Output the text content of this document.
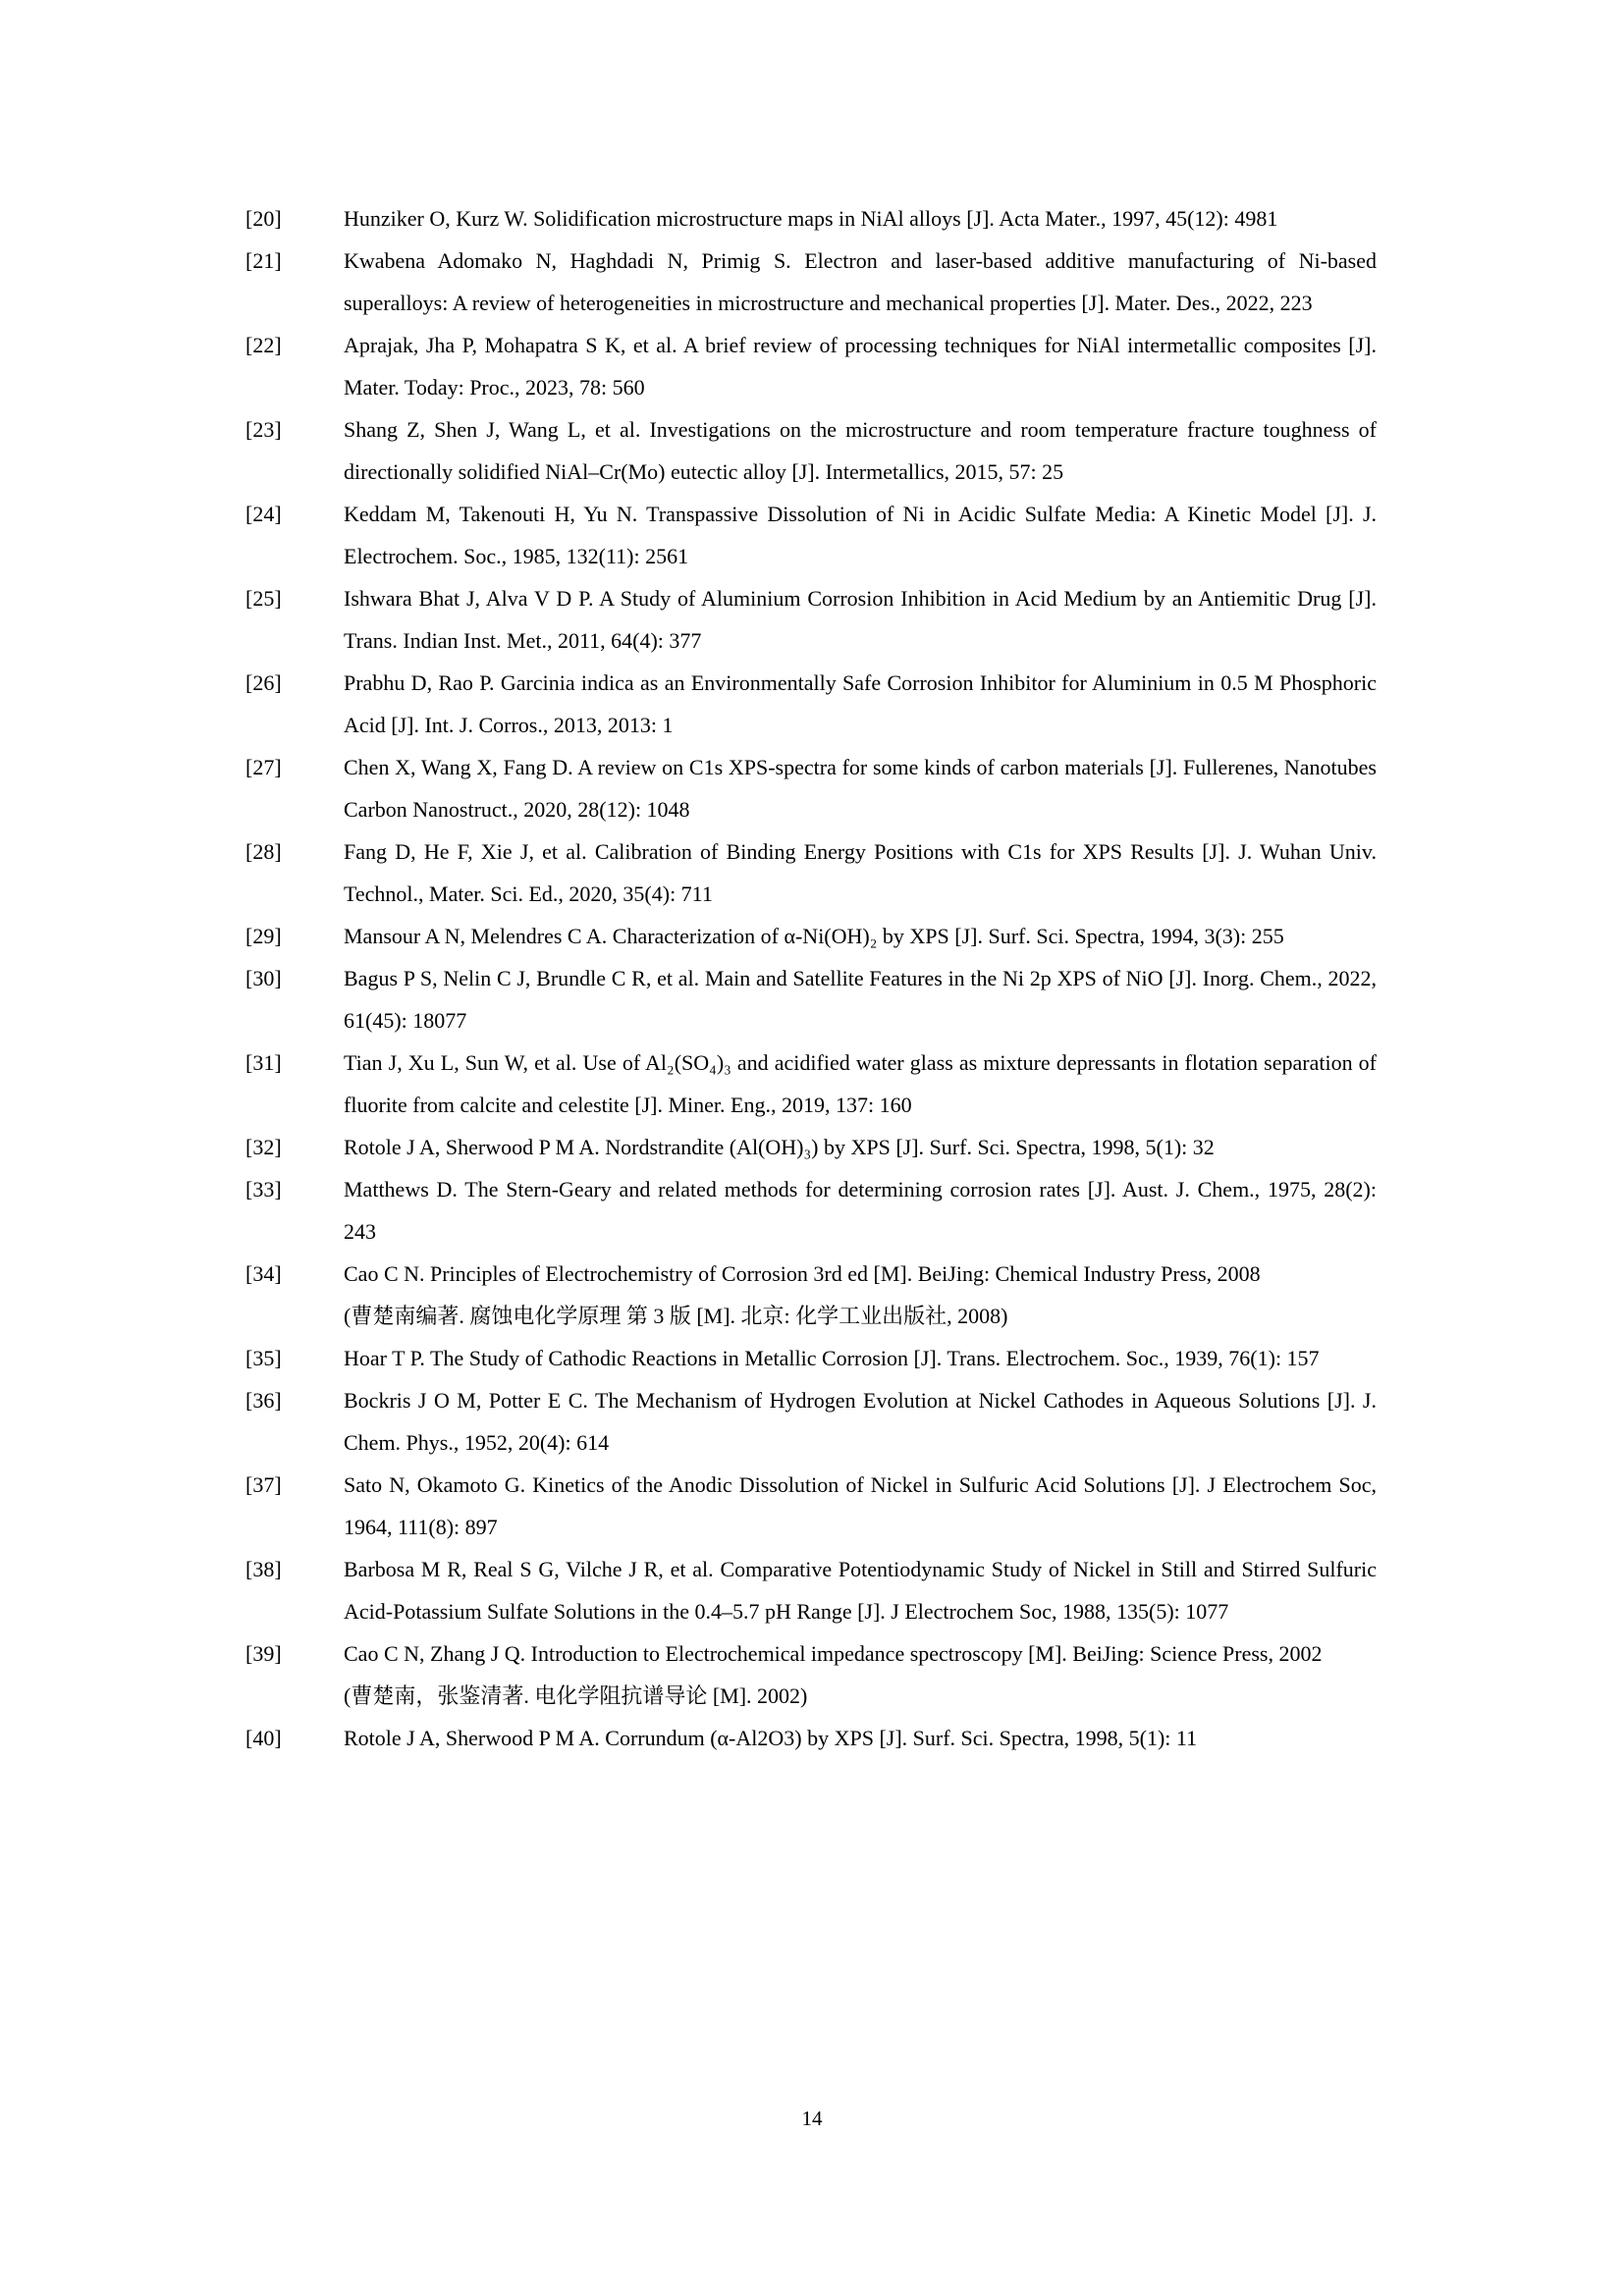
[20]	Hunziker O, Kurz W. Solidification microstructure maps in NiAl alloys [J]. Acta Mater., 1997, 45(12): 4981
[21]	Kwabena Adomako N, Haghdadi N, Primig S. Electron and laser-based additive manufacturing of Ni-based superalloys: A review of heterogeneities in microstructure and mechanical properties [J]. Mater. Des., 2022, 223
[22]	Aprajak, Jha P, Mohapatra S K, et al. A brief review of processing techniques for NiAl intermetallic composites [J]. Mater. Today: Proc., 2023, 78: 560
[23]	Shang Z, Shen J, Wang L, et al. Investigations on the microstructure and room temperature fracture toughness of directionally solidified NiAl–Cr(Mo) eutectic alloy [J]. Intermetallics, 2015, 57: 25
[24]	Keddam M, Takenouti H, Yu N. Transpassive Dissolution of Ni in Acidic Sulfate Media: A Kinetic Model [J]. J. Electrochem. Soc., 1985, 132(11): 2561
[25]	Ishwara Bhat J, Alva V D P. A Study of Aluminium Corrosion Inhibition in Acid Medium by an Antiemitic Drug [J]. Trans. Indian Inst. Met., 2011, 64(4): 377
[26]	Prabhu D, Rao P. Garcinia indica as an Environmentally Safe Corrosion Inhibitor for Aluminium in 0.5 M Phosphoric Acid [J]. Int. J. Corros., 2013, 2013: 1
[27]	Chen X, Wang X, Fang D. A review on C1s XPS-spectra for some kinds of carbon materials [J]. Fullerenes, Nanotubes Carbon Nanostruct., 2020, 28(12): 1048
[28]	Fang D, He F, Xie J, et al. Calibration of Binding Energy Positions with C1s for XPS Results [J]. J. Wuhan Univ. Technol., Mater. Sci. Ed., 2020, 35(4): 711
[29]	Mansour A N, Melendres C A. Characterization of α-Ni(OH)₂ by XPS [J]. Surf. Sci. Spectra, 1994, 3(3): 255
[30]	Bagus P S, Nelin C J, Brundle C R, et al. Main and Satellite Features in the Ni 2p XPS of NiO [J]. Inorg. Chem., 2022, 61(45): 18077
[31]	Tian J, Xu L, Sun W, et al. Use of Al₂(SO₄)₃ and acidified water glass as mixture depressants in flotation separation of fluorite from calcite and celestite [J]. Miner. Eng., 2019, 137: 160
[32]	Rotole J A, Sherwood P M A. Nordstrandite (Al(OH)₃) by XPS [J]. Surf. Sci. Spectra, 1998, 5(1): 32
[33]	Matthews D. The Stern-Geary and related methods for determining corrosion rates [J]. Aust. J. Chem., 1975, 28(2): 243
[34]	Cao C N. Principles of Electrochemistry of Corrosion 3rd ed [M]. BeiJing: Chemical Industry Press, 2008
(曹楚南编著. 腐蚀电化学原理 第 3 版 [M]. 北京: 化学工业出版社, 2008)
[35]	Hoar T P. The Study of Cathodic Reactions in Metallic Corrosion [J]. Trans. Electrochem. Soc., 1939, 76(1): 157
[36]	Bockris J O M, Potter E C. The Mechanism of Hydrogen Evolution at Nickel Cathodes in Aqueous Solutions [J]. J. Chem. Phys., 1952, 20(4): 614
[37]	Sato N, Okamoto G. Kinetics of the Anodic Dissolution of Nickel in Sulfuric Acid Solutions [J]. J Electrochem Soc, 1964, 111(8): 897
[38]	Barbosa M R, Real S G, Vilche J R, et al. Comparative Potentiodynamic Study of Nickel in Still and Stirred Sulfuric Acid-Potassium Sulfate Solutions in the 0.4–5.7 pH Range [J]. J Electrochem Soc, 1988, 135(5): 1077
[39]	Cao C N, Zhang J Q. Introduction to Electrochemical impedance spectroscopy [M]. BeiJing: Science Press, 2002
(曹楚南，张鉴清著. 电化学阻抗谱导论 [M]. 2002)
[40]	Rotole J A, Sherwood P M A. Corrundum (α-Al2O3) by XPS [J]. Surf. Sci. Spectra, 1998, 5(1): 11
14
